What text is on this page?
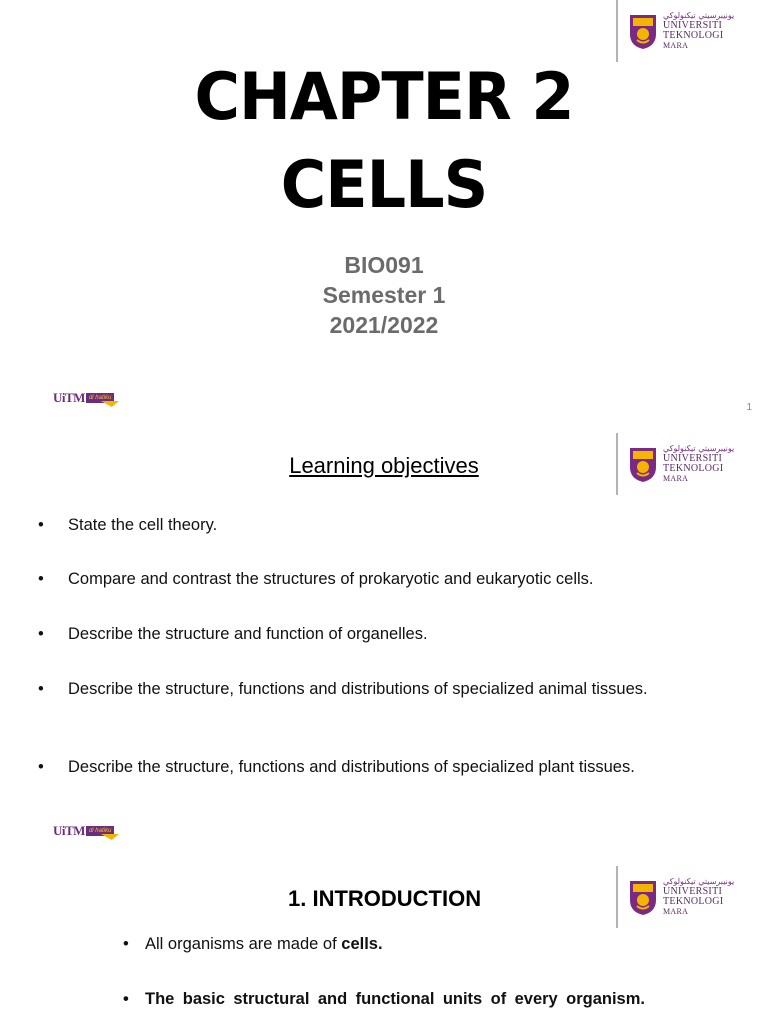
ﯾﻮﻧﯿﺒﺮﺳﯿﺘﻲ ﺗﯿﮑﻨﻮﻟﻮﮐﻲ
UNIVERSITI
TEKNOLOGI
MARA
CHAPTER 2
CELLS
BIO091
Semester 1
2021/2022
UiTM di hatiku
1
ﯾﻮﻧﯿﺒﺮﺳﯿﺘﻲ ﺗﯿﮑﻨﻮﻟﻮﮐﻲ
UNIVERSITI
TEKNOLOGI
MARA
Learning objectives
• State the cell theory.
• Compare and contrast the structures of prokaryotic and eukaryotic cells.
• Describe the structure and function of organelles.
• Describe the structure, functions and distributions of specialized animal tissues.
• Describe the structure, functions and distributions of specialized plant tissues.
UiTM di hatiku
ﯾﻮﻧﯿﺒﺮﺳﯿﺘﻲ ﺗﯿﮑﻨﻮﻟﻮﮐﻲ
UNIVERSITI
TEKNOLOGI
MARA
1. INTRODUCTION
• All organisms are made of cells.
• The basic structural and functional units of every organism.
